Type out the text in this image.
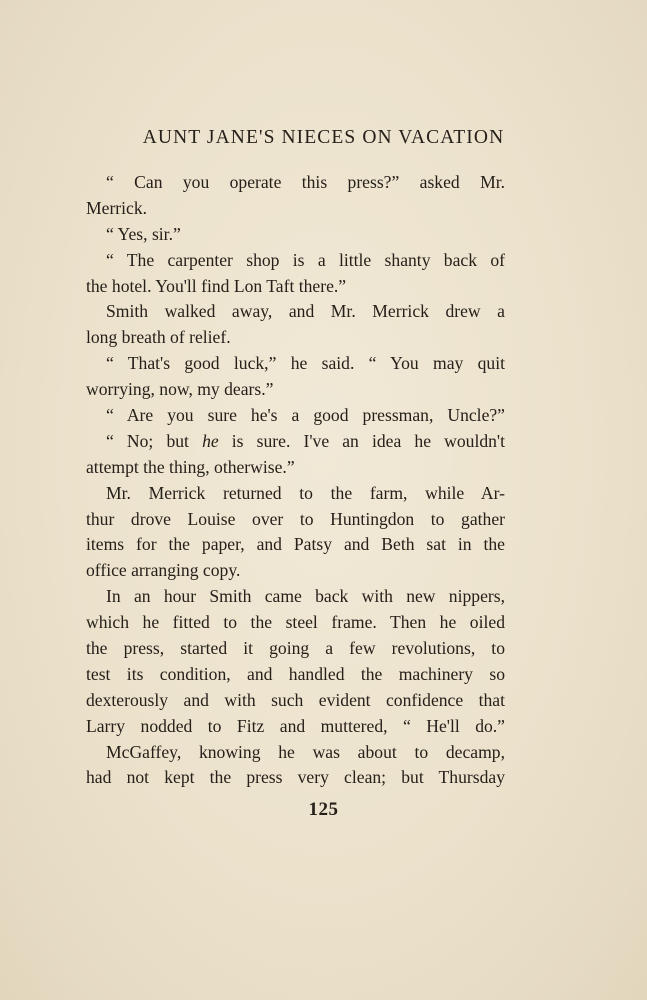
AUNT JANE'S NIECES ON VACATION
“ Can you operate this press?” asked Mr.
Merrick.
“ Yes, sir.”
“ The carpenter shop is a little shanty back of
the hotel. You'll find Lon Taft there.”
Smith walked away, and Mr. Merrick drew a
long breath of relief.
“ That's good luck,” he said. “ You may quit
worrying, now, my dears.”
“ Are you sure he's a good pressman, Uncle?”
“ No; but he is sure. I've an idea he wouldn't
attempt the thing, otherwise.”
Mr. Merrick returned to the farm, while Ar-
thur drove Louise over to Huntingdon to gather
items for the paper, and Patsy and Beth sat in the
office arranging copy.
In an hour Smith came back with new nippers,
which he fitted to the steel frame. Then he oiled
the press, started it going a few revolutions, to
test its condition, and handled the machinery so
dexterously and with such evident confidence that
Larry nodded to Fitz and muttered, “ He'll do.”
McGaffey, knowing he was about to decamp,
had not kept the press very clean; but Thursday
125
